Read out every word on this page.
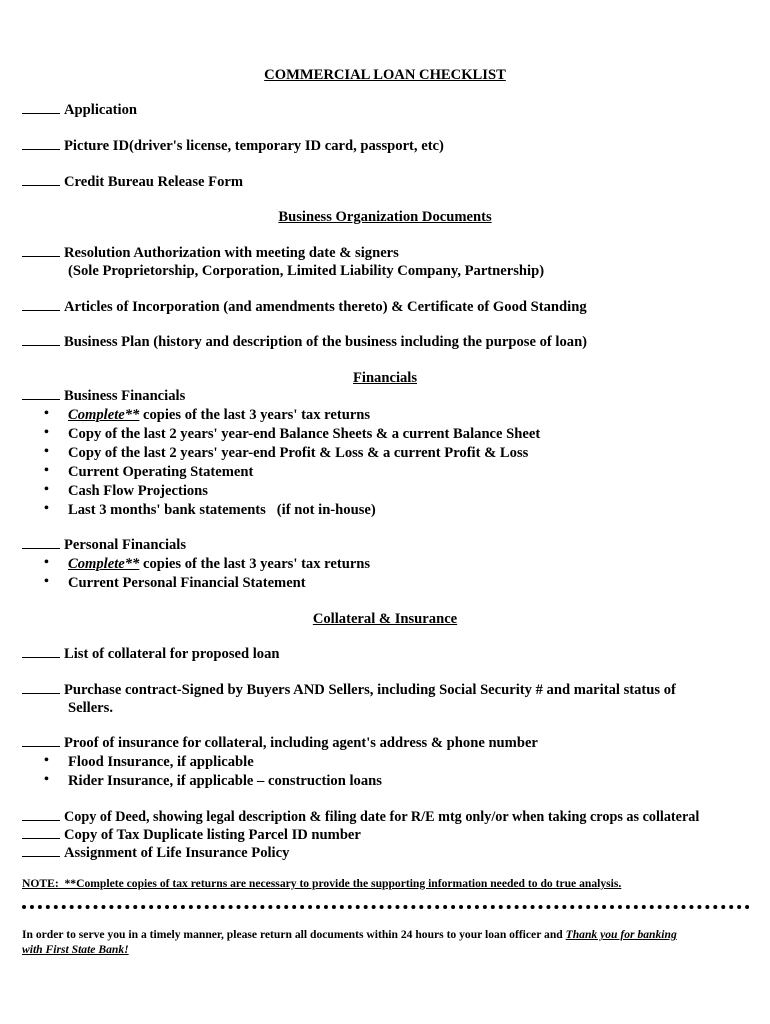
COMMERCIAL LOAN CHECKLIST
Application
Picture ID(driver's license, temporary ID card, passport, etc)
Credit Bureau Release Form
Business Organization Documents
Resolution Authorization with meeting date & signers
(Sole Proprietorship, Corporation, Limited Liability Company, Partnership)
Articles of Incorporation (and amendments thereto) & Certificate of Good Standing
Business Plan (history and description of the business including the purpose of loan)
Financials
Business Financials
• Complete** copies of the last 3 years' tax returns
• Copy of the last 2 years' year-end Balance Sheets & a current Balance Sheet
• Copy of the last 2 years' year-end Profit & Loss & a current Profit & Loss
• Current Operating Statement
• Cash Flow Projections
• Last 3 months' bank statements   (if not in-house)
Personal Financials
• Complete** copies of the last 3 years' tax returns
• Current Personal Financial Statement
Collateral & Insurance
List of collateral for proposed loan
Purchase contract-Signed by Buyers AND Sellers, including Social Security # and marital status of
Sellers.
Proof of insurance for collateral, including agent's address & phone number
• Flood Insurance, if applicable
• Rider Insurance, if applicable – construction loans
Copy of Deed, showing legal description & filing date for R/E mtg only/or when taking crops as collateral
Copy of Tax Duplicate listing Parcel ID number
Assignment of Life Insurance Policy
NOTE:  **Complete copies of tax returns are necessary to provide the supporting information needed to do true analysis.
In order to serve you in a timely manner, please return all documents within 24 hours to your loan officer and Thank you for banking
with First State Bank!
